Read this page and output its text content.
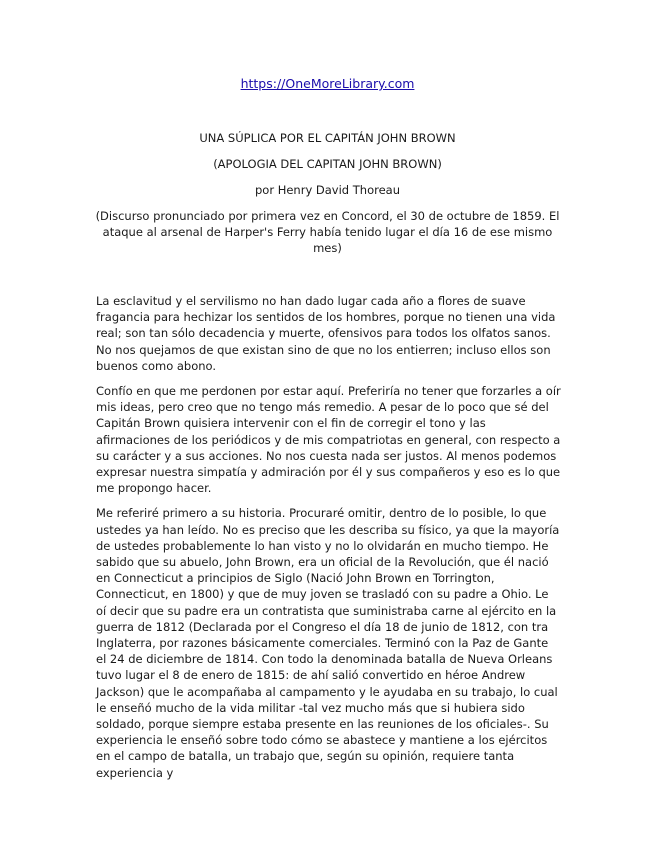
https://OneMoreLibrary.com
UNA SÚPLICA POR EL CAPITÁN JOHN BROWN
(APOLOGIA DEL CAPITAN JOHN BROWN)
por Henry David Thoreau
(Discurso pronunciado por primera vez en Concord, el 30 de octubre de 1859. El ataque al arsenal de Harper's Ferry había tenido lugar el día 16 de ese mismo mes)

La esclavitud y el servilismo no han dado lugar cada año a flores de suave fragancia para hechizar los sentidos de los hombres, porque no tienen una vida real; son tan sólo decadencia y muerte, ofensivos para todos los olfatos sanos. No nos quejamos de que existan sino de que no los entierren; incluso ellos son buenos como abono.

Confío en que me perdonen por estar aquí. Preferiría no tener que forzarles a oír mis ideas, pero creo que no tengo más remedio. A pesar de lo poco que sé del Capitán Brown quisiera intervenir con el fin de corregir el tono y las afirmaciones de los periódicos y de mis compatriotas en general, con respecto a su carácter y a sus acciones. No nos cuesta nada ser justos. Al menos podemos expresar nuestra simpatía y admiración por él y sus compañeros y eso es lo que me propongo hacer.

Me referiré primero a su historia. Procuraré omitir, dentro de lo posible, lo que ustedes ya han leído. No es preciso que les describa su físico, ya que la mayoría de ustedes probablemente lo han visto y no lo olvidarán en mucho tiempo. He sabido que su abuelo, John Brown, era un oficial de la Revolución, que él nació en Connecticut a principios de Siglo (Nació John Brown en Torrington, Connecticut, en 1800) y que de muy joven se trasladó con su padre a Ohio. Le oí decir que su padre era un contratista que suministraba carne al ejército en la guerra de 1812 (Declarada por el Congreso el día 18 de junio de 1812, con tra Inglaterra, por razones básicamente comerciales. Terminó con la Paz de Gante el 24 de diciembre de 1814. Con todo la denominada batalla de Nueva Orleans tuvo lugar el 8 de enero de 1815: de ahí salió convertido en héroe Andrew Jackson) que le acompañaba al campamento y le ayudaba en su trabajo, lo cual le enseñó mucho de la vida militar -tal vez mucho más que si hubiera sido soldado, porque siempre estaba presente en las reuniones de los oficiales-. Su experiencia le enseñó sobre todo cómo se abastece y mantiene a los ejércitos en el campo de batalla, un trabajo que, según su opinión, requiere tanta experiencia y
